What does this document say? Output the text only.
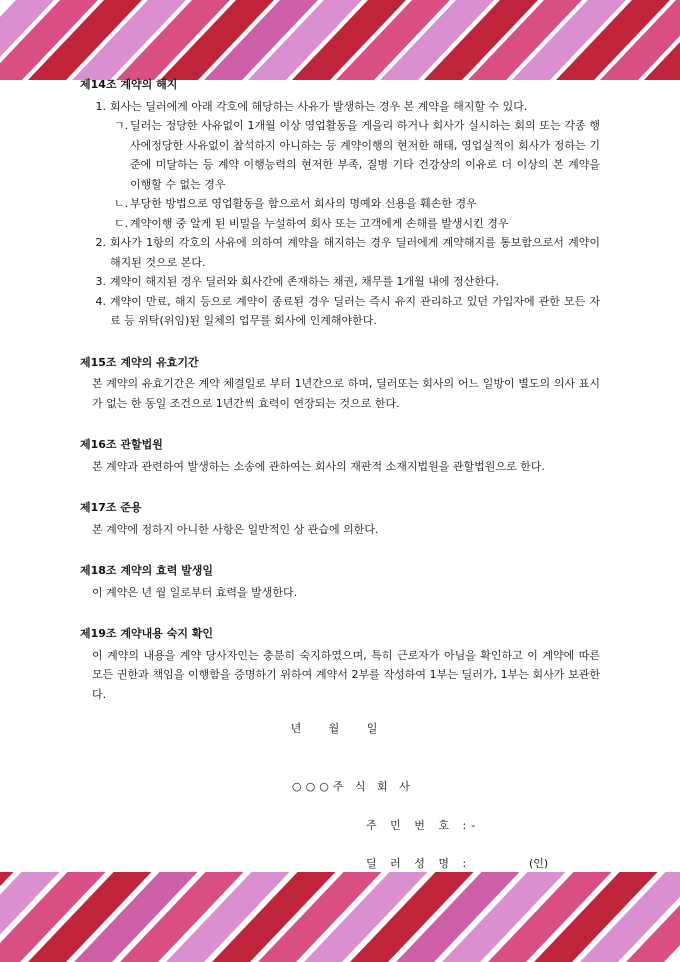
제14조 계약의 해지
1. 회사는 딜러에게 아래 각호에 해당하는 사유가 발생하는 경우 본 계약을 해지할 수 있다.
ㄱ. 딜러는 정당한 사유없이 1개월 이상 영업활동을 게을리 하거나 회사가 실시하는 회의 또는 각종 행사에정당한 사유없이 참석하지 아니하는 등 계약이행의 현저한 해태, 영업실적이 회사가 정하는 기준에 미달하는 등 계약 이행능력의 현저한 부족, 질병 기타 건강상의 이유로 더 이상의 본 계약을 이행할 수 없는 경우
ㄴ. 부당한 방법으로 영업활동을 함으로서 회사의 명예와 신용을 훼손한 경우
ㄷ. 계약이행 중 알게 된 비밀을 누설하여 회사 또는 고객에게 손해를 발생시킨 경우
2. 회사가 1항의 각호의 사유에 의하여 계약을 해지하는 경우 딜러에게 계약해지를 통보함으로서 계약이 해지된 것으로 본다.
3. 계약이 해지된 경우 딜러와 회사간에 존재하는 채권, 채무를 1개월 내에 정산한다.
4. 계약이 만료, 해지 등으로 계약이 종료된 경우 딜러는 즉시 유지 관리하고 있던 가입자에 관한 모든 자료 등 위탁(위임)된 일체의 업무를 회사에 인계해야한다.
제15조 계약의 유효기간
본 계약의 유효기간은 계약 체결일로 부터 1년간으로 하며, 딜러또는 회사의 어느 일방이 별도의 의사 표시가 없는 한 동일 조건으로 1년간씩 효력이 연장되는 것으로 한다.
제16조 관할법원
본 계약과 관련하여 발생하는 소송에 관하여는 회사의 재판적 소재지법원을 관할법원으로 한다.
제17조 준용
본 계약에 정하지 아니한 사항은 일반적인 상 관습에 의한다.
제18조 계약의 효력 발생일
이 계약은 년 월 일로부터 효력을 발생한다.
제19조 계약내용 숙지 확인
이 계약의 내용을 계약 당사자인는 충분히 숙지하였으며, 특히 근로자가 아님을 확인하고 이 계약에 따른 모든 권한과 책임을 이행함을 증명하기 위하여 계약서 2부를 작성하여 1부는 딜러가, 1부는 회사가 보관한다.
년 월 일
○○○주 식 회 사
주 민 번 호 :-
딜 러 성 명 :	(인)
